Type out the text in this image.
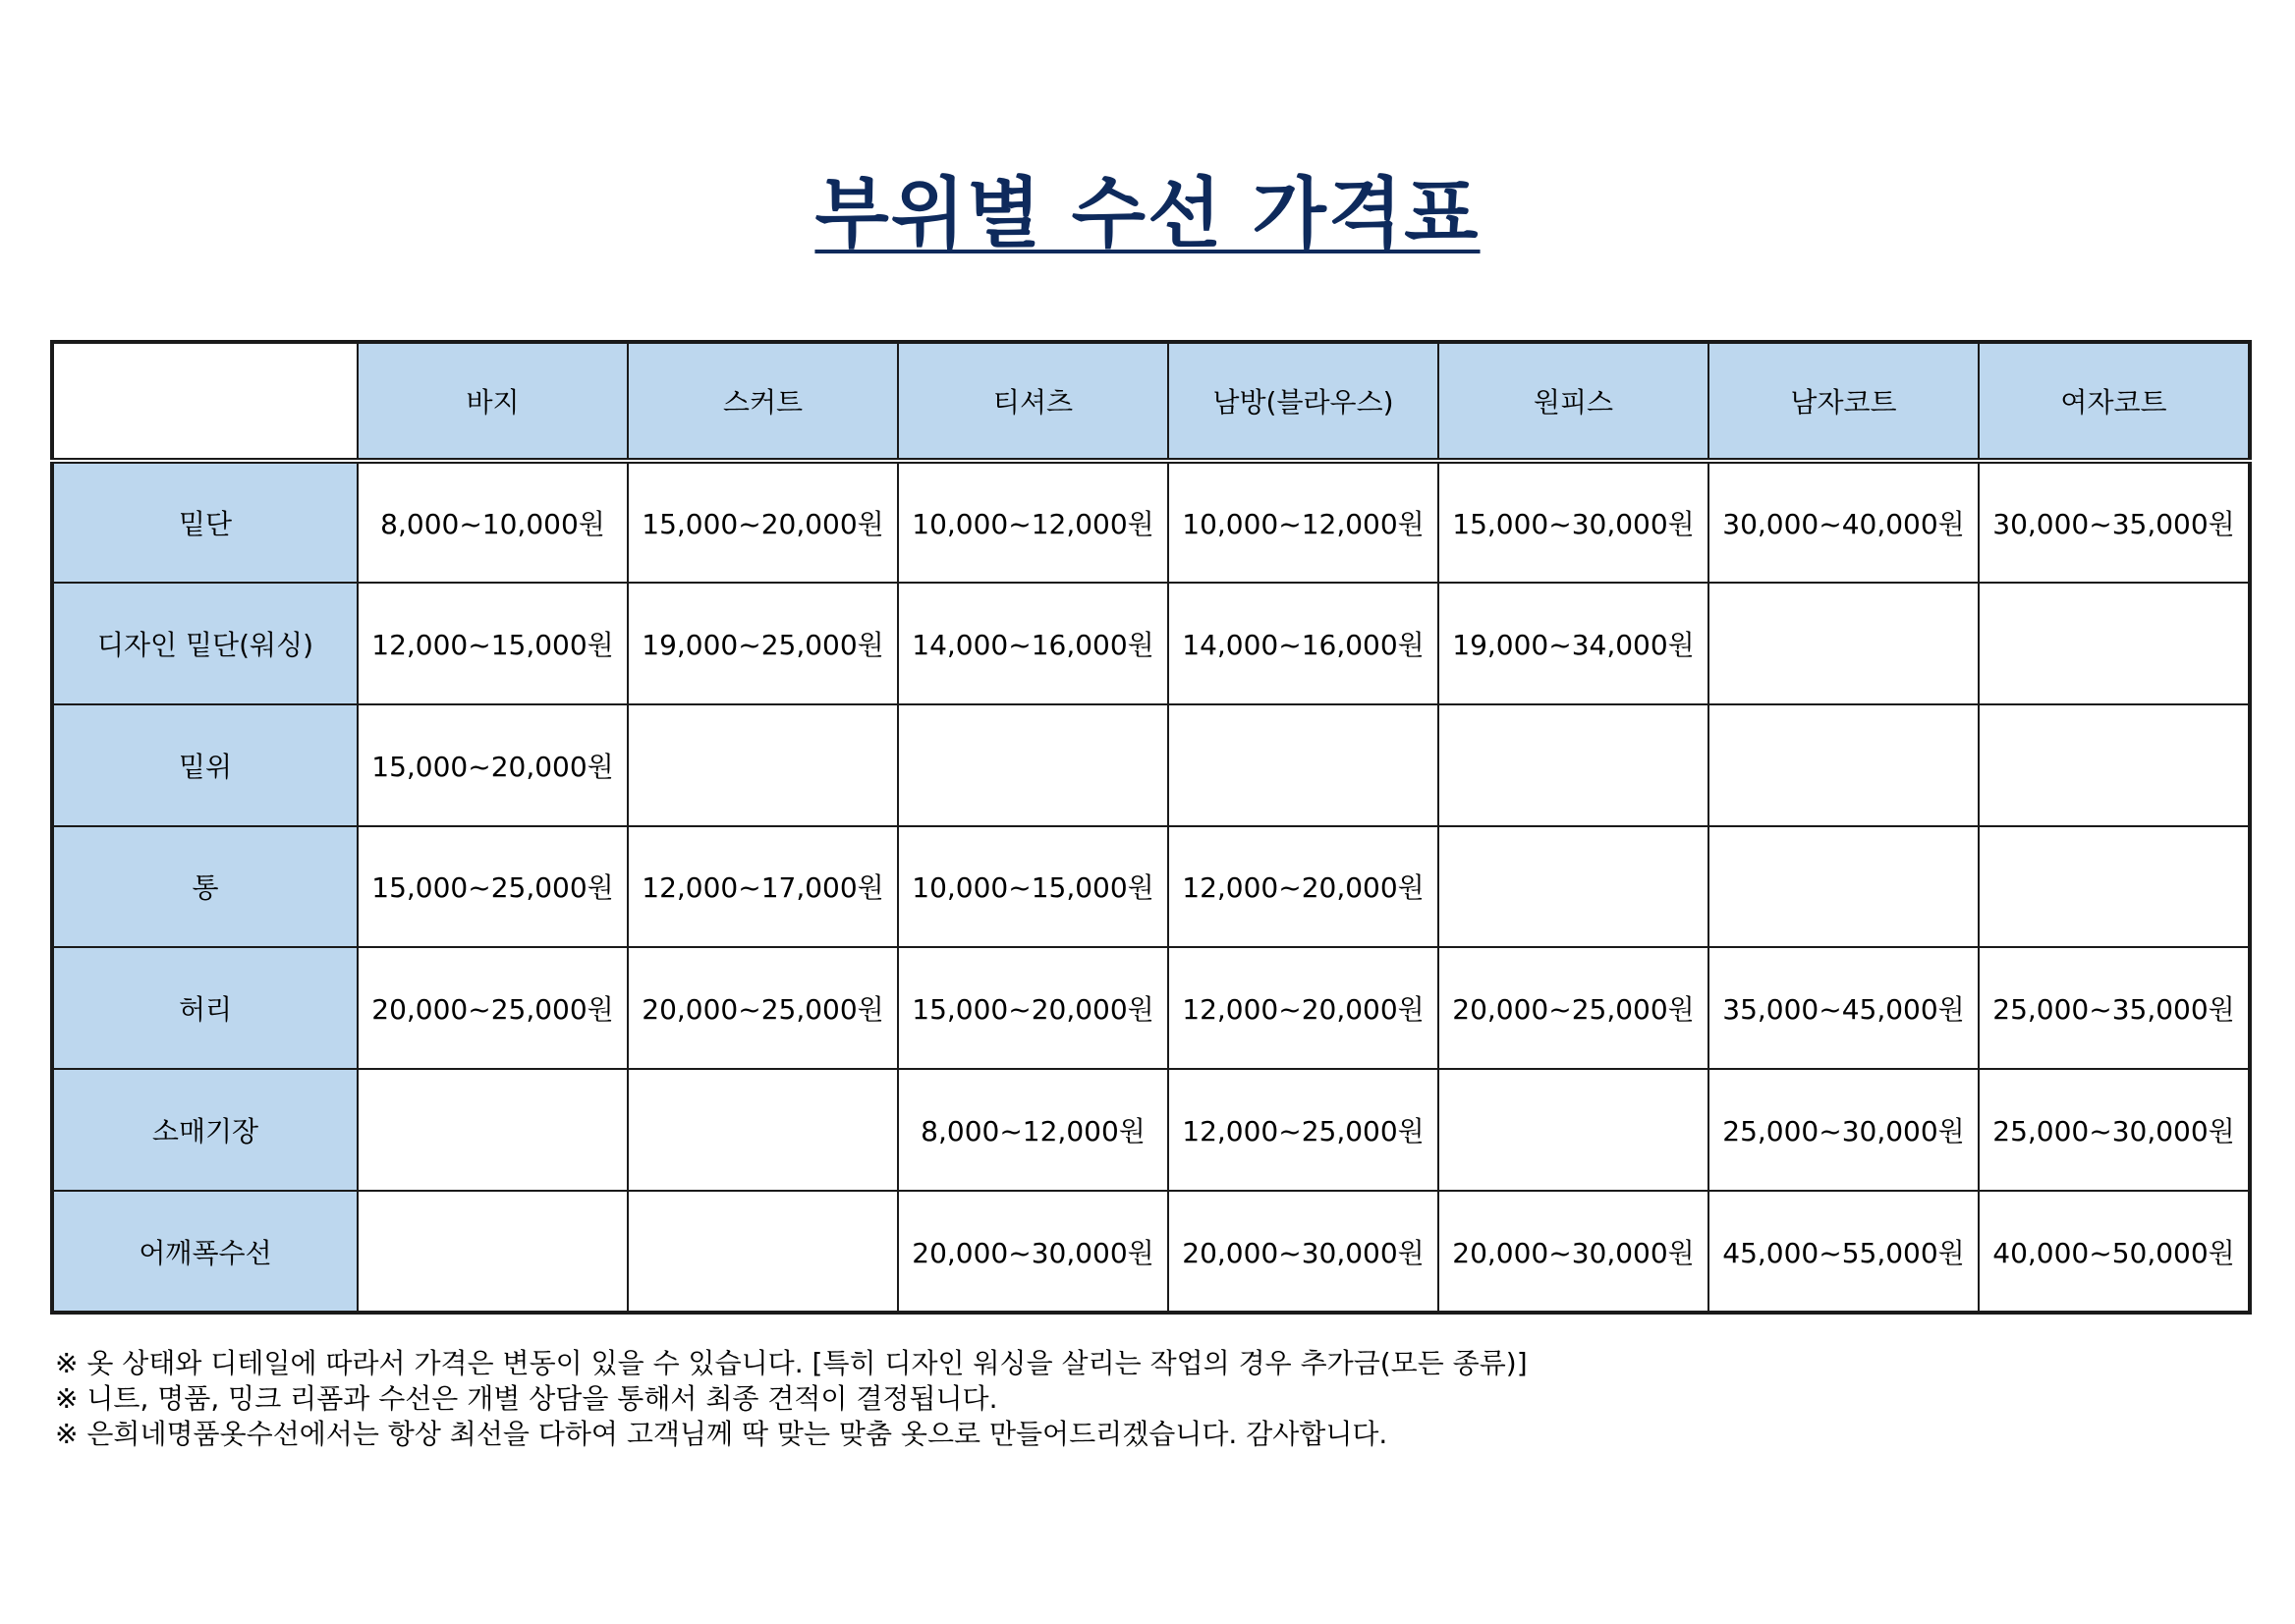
부위별 수선 가격표
	바지	스커트	티셔츠	남방(블라우스)	원피스	남자코트	여자코트
밑단	8,000~10,000원	15,000~20,000원	10,000~12,000원	10,000~12,000원	15,000~30,000원	30,000~40,000원	30,000~35,000원
디자인 밑단(워싱)	12,000~15,000원	19,000~25,000원	14,000~16,000원	14,000~16,000원	19,000~34,000원		
밑위	15,000~20,000원						
통	15,000~25,000원	12,000~17,000원	10,000~15,000원	12,000~20,000원			
허리	20,000~25,000원	20,000~25,000원	15,000~20,000원	12,000~20,000원	20,000~25,000원	35,000~45,000원	25,000~35,000원
소매기장			8,000~12,000원	12,000~25,000원		25,000~30,000원	25,000~30,000원
어깨폭수선			20,000~30,000원	20,000~30,000원	20,000~30,000원	45,000~55,000원	40,000~50,000원
※ 옷 상태와 디테일에 따라서 가격은 변동이 있을 수 있습니다. [특히 디자인 워싱을 살리는 작업의 경우 추가금(모든 종류)]
※ 니트, 명품, 밍크 리폼과 수선은 개별 상담을 통해서 최종 견적이 결정됩니다.
※ 은희네명품옷수선에서는 항상 최선을 다하여 고객님께 딱 맞는 맞춤 옷으로 만들어드리겠습니다. 감사합니다.
